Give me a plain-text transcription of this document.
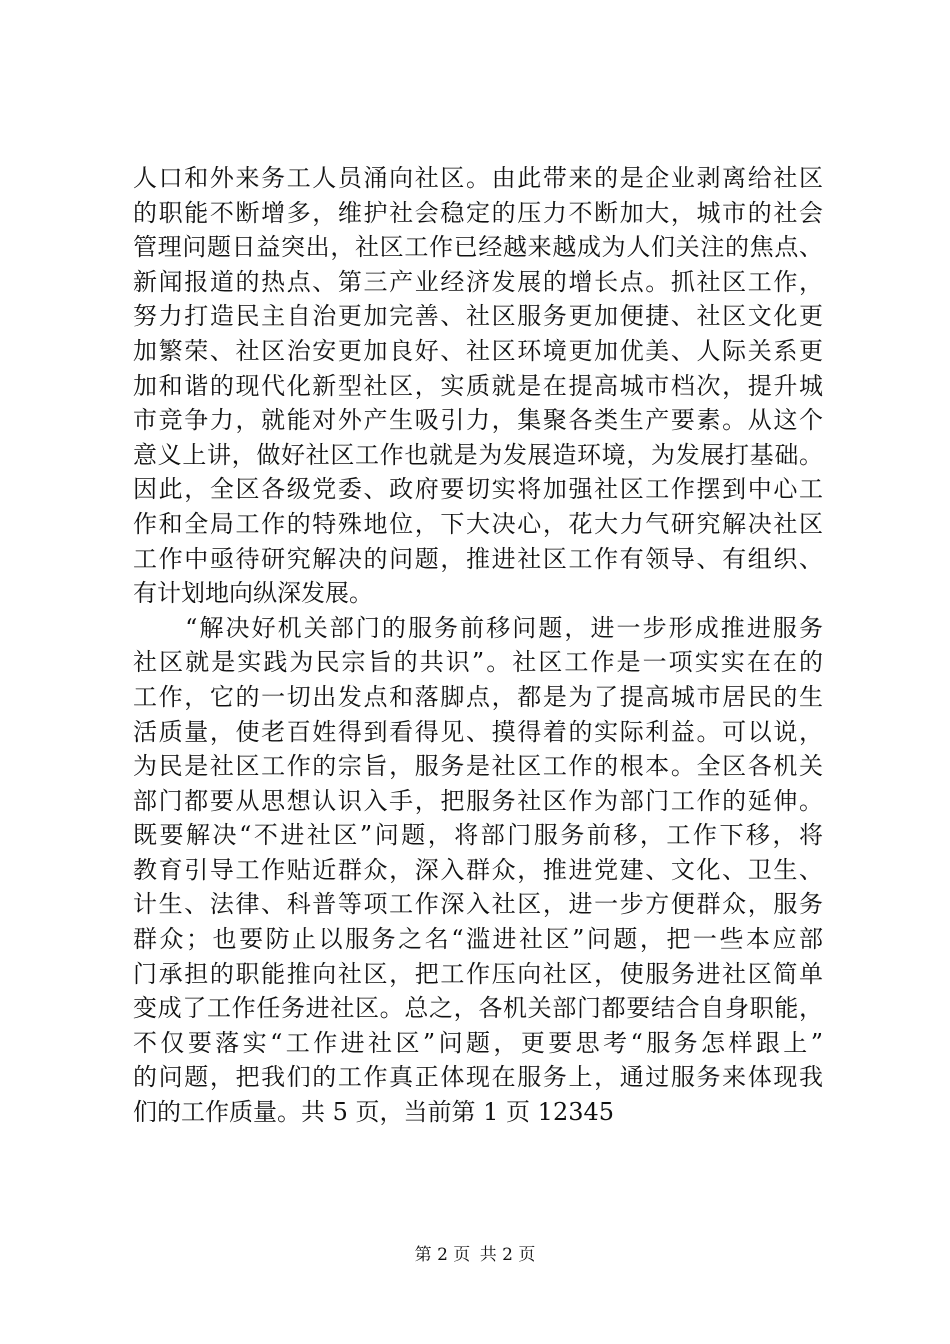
人口和外来务工人员涌向社区。由此带来的是企业剥离给社区
的职能不断增多，维护社会稳定的压力不断加大，城市的社会
管理问题日益突出，社区工作已经越来越成为人们关注的焦点、
新闻报道的热点、第三产业经济发展的增长点。抓社区工作，
努力打造民主自治更加完善、社区服务更加便捷、社区文化更
加繁荣、社区治安更加良好、社区环境更加优美、人际关系更
加和谐的现代化新型社区，实质就是在提高城市档次，提升城
市竞争力，就能对外产生吸引力，集聚各类生产要素。从这个
意义上讲，做好社区工作也就是为发展造环境，为发展打基础。
因此，全区各级党委、政府要切实将加强社区工作摆到中心工
作和全局工作的特殊地位，下大决心，花大力气研究解决社区
工作中亟待研究解决的问题，推进社区工作有领导、有组织、
有计划地向纵深发展。
　　“解决好机关部门的服务前移问题，进一步形成推进服务
社区就是实践为民宗旨的共识”。社区工作是一项实实在在的
工作，它的一切出发点和落脚点，都是为了提高城市居民的生
活质量，使老百姓得到看得见、摸得着的实际利益。可以说，
为民是社区工作的宗旨，服务是社区工作的根本。全区各机关
部门都要从思想认识入手，把服务社区作为部门工作的延伸。
既要解决“不进社区”问题，将部门服务前移，工作下移，将
教育引导工作贴近群众，深入群众，推进党建、文化、卫生、
计生、法律、科普等项工作深入社区，进一步方便群众，服务
群众；也要防止以服务之名“滥进社区”问题，把一些本应部
门承担的职能推向社区，把工作压向社区，使服务进社区简单
变成了工作任务进社区。总之，各机关部门都要结合自身职能，
不仅要落实“工作进社区”问题，更要思考“服务怎样跟上”
的问题，把我们的工作真正体现在服务上，通过服务来体现我
们的工作质量。共 5 页，当前第 1 页 12345
第 2 页 共 2 页
